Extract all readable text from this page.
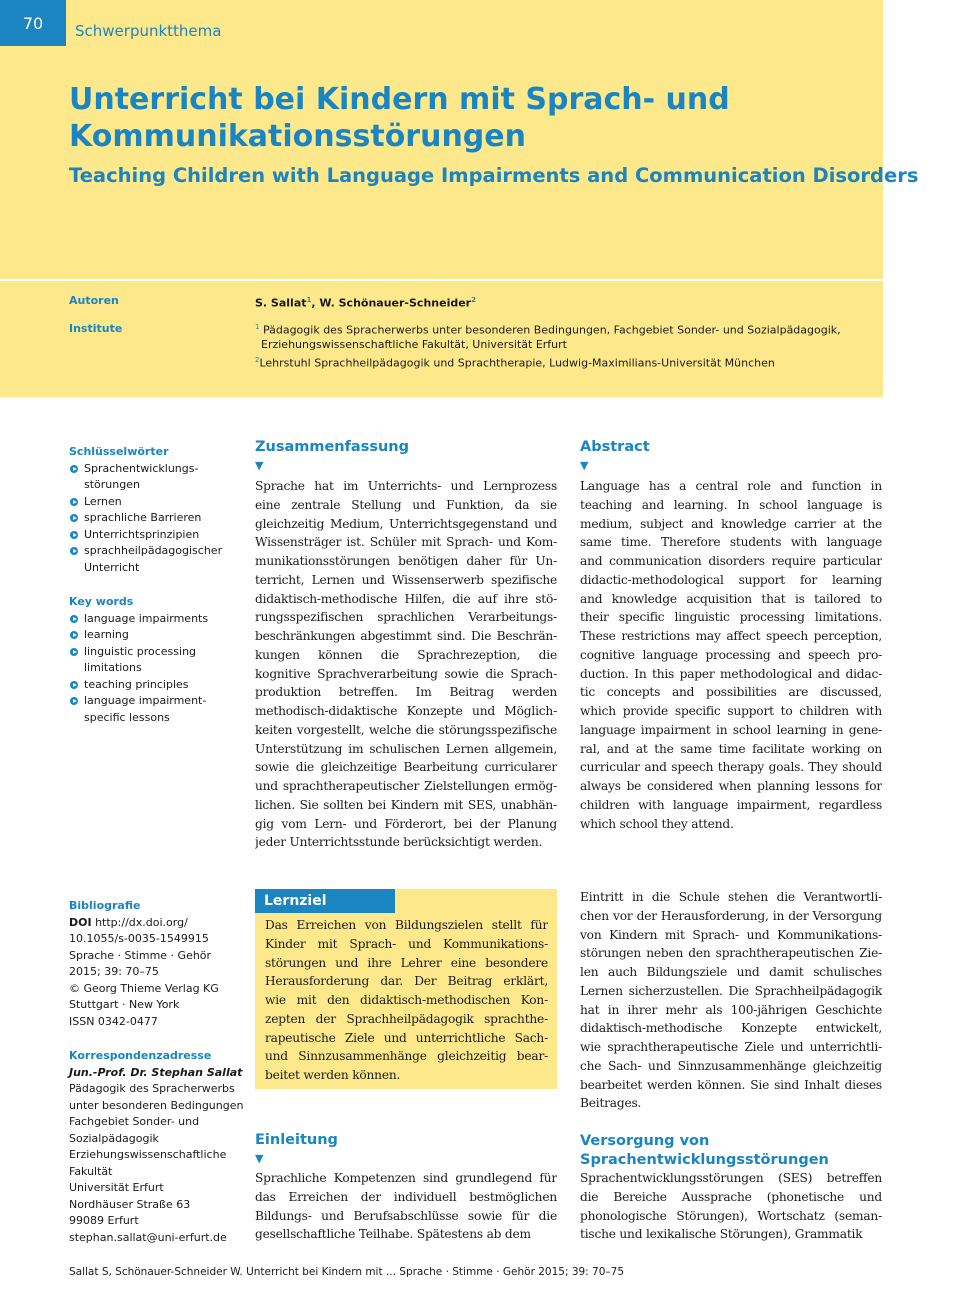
70	Schwerpunktthema
Unterricht bei Kindern mit Sprach- und
Kommunikationsstörungen
Teaching Children with Language Impairments and Communication Disorders
Autoren	S. Sallat$^1$, W. Schönauer-Schneider$^2$
Institute	$^1$ Pädagogik des Spracherwerbs unter besonderen Bedingungen, Fachgebiet Sonder- und Sozialpädagogik,
Erziehungswissenschaftliche Fakultät, Universität Erfurt
$^2$Lehrstuhl Sprachheilpädagogik und Sprachtherapie, Ludwig-Maximilians-Universität München
Schlüsselwörter
Sprachentwicklungs-
störungen
Lernen
sprachliche Barrieren
Unterrichtsprinzipien
sprachheilpädagogischer
Unterricht
Key words
language impairments
learning
linguistic processing
limitations
teaching principles
language impairment-
specific lessons
Zusammenfassung
▼
Sprache hat im Unterrichts- und Lernprozess
eine zentrale Stellung und Funktion, da sie
gleichzeitig Medium, Unterrichtsgegenstand und
Wissensträger ist. Schüler mit Sprach- und Kom-
munikationsstörungen benötigen daher für Un-
terricht, Lernen und Wissenserwerb spezifische
didaktisch-methodische Hilfen, die auf ihre stö-
rungsspezifischen sprachlichen Verarbeitungs-
beschränkungen abgestimmt sind. Die Beschrän-
kungen können die Sprachrezeption, die
kognitive Sprachverarbeitung sowie die Sprach-
produktion betreffen. Im Beitrag werden
methodisch-didaktische Konzepte und Möglich-
keiten vorgestellt, welche die störungsspezifische
Unterstützung im schulischen Lernen allgemein,
sowie die gleichzeitige Bearbeitung curricularer
und sprachtherapeutischer Zielstellungen ermög-
lichen. Sie sollten bei Kindern mit SES, unabhän-
gig vom Lern- und Förderort, bei der Planung
jeder Unterrichtsstunde berücksichtigt werden.
Abstract
▼
Language has a central role and function in
teaching and learning. In school language is
medium, subject and knowledge carrier at the
same time. Therefore students with language
and communication disorders require particular
didactic-methodological support for learning
and knowledge acquisition that is tailored to
their specific linguistic processing limitations.
These restrictions may affect speech perception,
cognitive language processing and speech pro-
duction. In this paper methodological and didac-
tic concepts and possibilities are discussed,
which provide specific support to children with
language impairment in school learning in gene-
ral, and at the same time facilitate working on
curricular and speech therapy goals. They should
always be considered when planning lessons for
children with language impairment, regardless
which school they attend.
Bibliografie
DOI http://dx.doi.org/
10.1055/s-0035-1549915
Sprache · Stimme · Gehör
2015; 39: 70–75
© Georg Thieme Verlag KG
Stuttgart · New York
ISSN 0342-0477
Korrespondenzadresse
Jun.-Prof. Dr. Stephan Sallat
Pädagogik des Spracherwerbs
unter besonderen Bedingungen
Fachgebiet Sonder- und
Sozialpädagogik
Erziehungswissenschaftliche
Fakultät
Universität Erfurt
Nordhäuser Straße 63
99089 Erfurt
stephan.sallat@uni-erfurt.de
Lernziel
Das Erreichen von Bildungszielen stellt für
Kinder mit Sprach- und Kommunikations-
störungen und ihre Lehrer eine besondere
Herausforderung dar. Der Beitrag erklärt,
wie mit den didaktisch-methodischen Kon-
zepten der Sprachheilpädagogik sprachthe-
rapeutische Ziele und unterrichtliche Sach-
und Sinnzusammenhänge gleichzeitig bear-
beitet werden können.
Einleitung
▼
Sprachliche Kompetenzen sind grundlegend für
das Erreichen der individuell bestmöglichen
Bildungs- und Berufsabschlüsse sowie für die
gesellschaftliche Teilhabe. Spätestens ab dem
Eintritt in die Schule stehen die Verantwortli-
chen vor der Herausforderung, in der Versorgung
von Kindern mit Sprach- und Kommunikations-
störungen neben den sprachtherapeutischen Zie-
len auch Bildungsziele und damit schulisches
Lernen sicherzustellen. Die Sprachheilpädagogik
hat in ihrer mehr als 100-jährigen Geschichte
didaktisch-methodische Konzepte entwickelt,
wie sprachtherapeutische Ziele und unterrichtli-
che Sach- und Sinnzusammenhänge gleichzeitig
bearbeitet werden können. Sie sind Inhalt dieses
Beitrages.
Versorgung von
Sprachentwicklungsstörungen
Sprachentwicklungsstörungen (SES) betreffen
die Bereiche Aussprache (phonetische und
phonologische Störungen), Wortschatz (seman-
tische und lexikalische Störungen), Grammatik
Sallat S, Schönauer-Schneider W. Unterricht bei Kindern mit ... Sprache · Stimme · Gehör 2015; 39: 70–75
